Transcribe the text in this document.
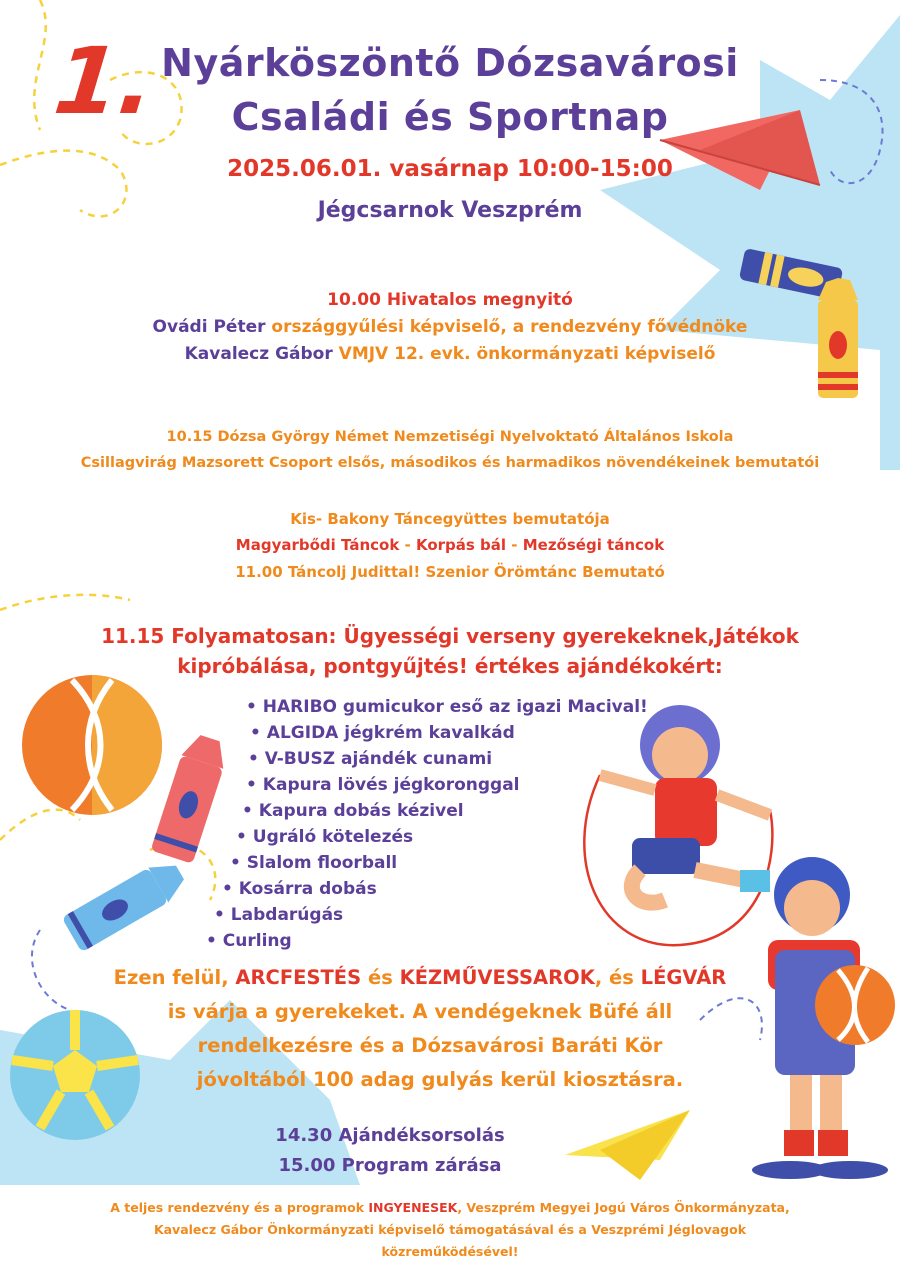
1. Nyárköszöntő Dózsavárosi
Családi és Sportnap
2025.06.01. vasárnap 10:00-15:00
Jégcsarnok Veszprém
10.00 Hivatalos megnyitó
Ovádi Péter országgyűlési képviselő, a rendezvény fővédnöke
Kavalecz Gábor VMJV 12. evk. önkormányzati képviselő
10.15 Dózsa György Német Nemzetiségi Nyelvoktató Általános Iskola
Csillagvirág Mazsorett Csoport elsős, másodikos és harmadikos növendékeinek bemutatói
Kis- Bakony Táncegyüttes bemutatója
Magyarbődi Táncok - Korpás bál - Mezőségi táncok
11.00 Táncolj Judittal! Szenior Örömtánc Bemutató
11.15 Folyamatosan: Ügyességi verseny gyerekeknek,Játékok
kipróbálása, pontgyűjtés! értékes ajándékokért:
• HARIBO gumicukor eső az igazi Macival!
• ALGIDA jégkrém kavalkád
• V-BUSZ ajándék cunami
• Kapura lövés jégkoronggal
• Kapura dobás kézivel
• Ugráló kötelezés
• Slalom floorball
• Kosárra dobás
• Labdarúgás
• Curling
Ezen felül, ARCFESTÉS és KÉZMŰVESSAROK, és LÉGVÁR
is várja a gyerekeket. A vendégeknek Büfé áll
rendelkezésre és a Dózsavárosi Baráti Kör
jóvoltából 100 adag gulyás kerül kiosztásra.
14.30 Ajándéksorsolás
15.00 Program zárása
A teljes rendezvény és a programok INGYENESEK, Veszprém Megyei Jogú Város Önkormányzata,
Kavalecz Gábor Önkormányzati képviselő támogatásával és a Veszprémi Jéglovagok
közreműködésével!
